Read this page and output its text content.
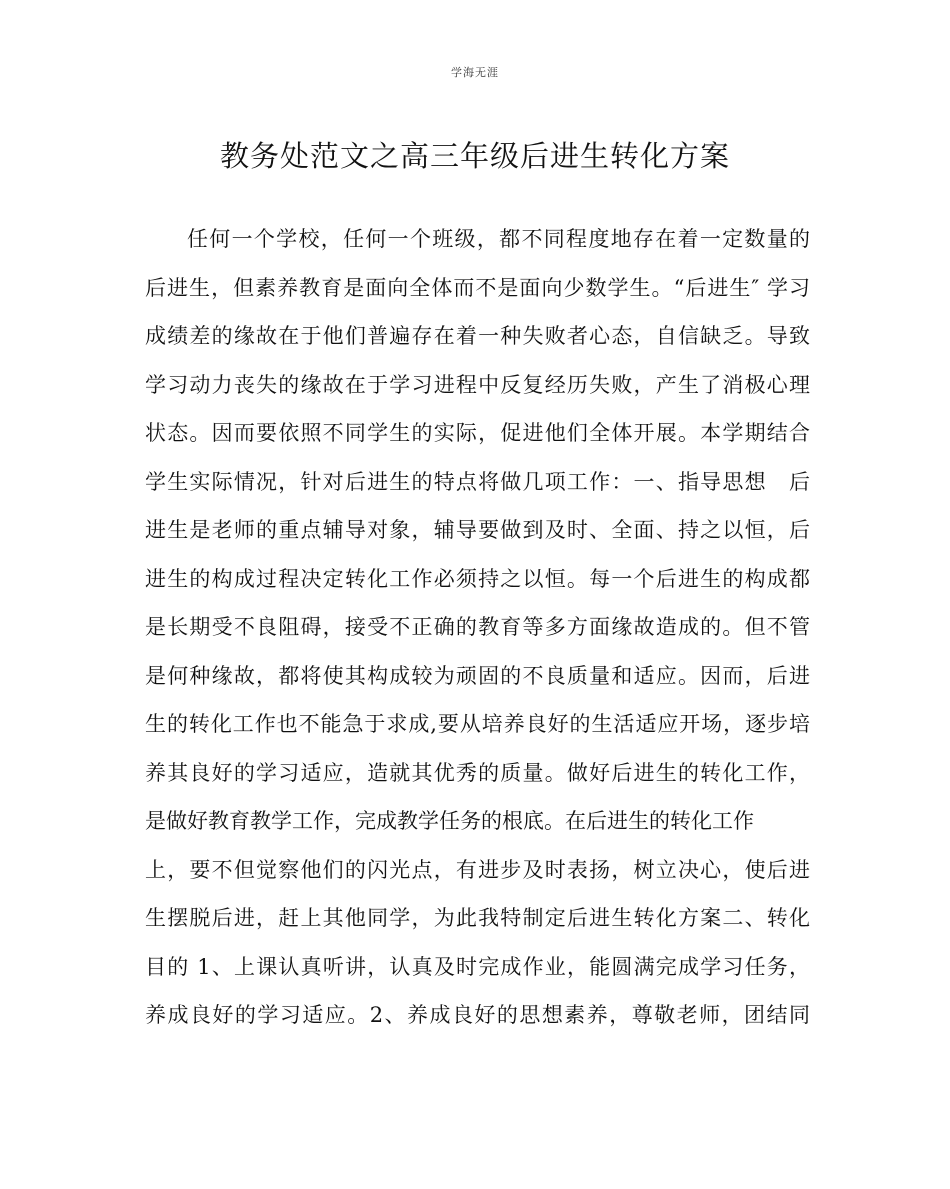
学海无涯
教务处范文之高三年级后进生转化方案
任何一个学校，任何一个班级，都不同程度地存在着一定数量的
后进生，但素养教育是面向全体而不是面向少数学生。“后进生″ 学习
成绩差的缘故在于他们普遍存在着一种失败者心态，自信缺乏。导致
学习动力丧失的缘故在于学习进程中反复经历失败，产生了消极心理
状态。因而要依照不同学生的实际，促进他们全体开展。本学期结合
学生实际情况，针对后进生的特点将做几项工作：一、指导思想　后
进生是老师的重点辅导对象，辅导要做到及时、全面、持之以恒，后
进生的构成过程决定转化工作必须持之以恒。每一个后进生的构成都
是长期受不良阻碍，接受不正确的教育等多方面缘故造成的。但不管
是何种缘故，都将使其构成较为顽固的不良质量和适应。因而，后进
生的转化工作也不能急于求成,要从培养良好的生活适应开场，逐步培
养其良好的学习适应，造就其优秀的质量。做好后进生的转化工作，
是做好教育教学工作，完成教学任务的根底。在后进生的转化工作
上，要不但觉察他们的闪光点，有进步及时表扬，树立决心，使后进
生摆脱后进，赶上其他同学，为此我特制定后进生转化方案二、转化
目的 1、上课认真听讲，认真及时完成作业，能圆满完成学习任务，
养成良好的学习适应。2、养成良好的思想素养，尊敬老师，团结同
